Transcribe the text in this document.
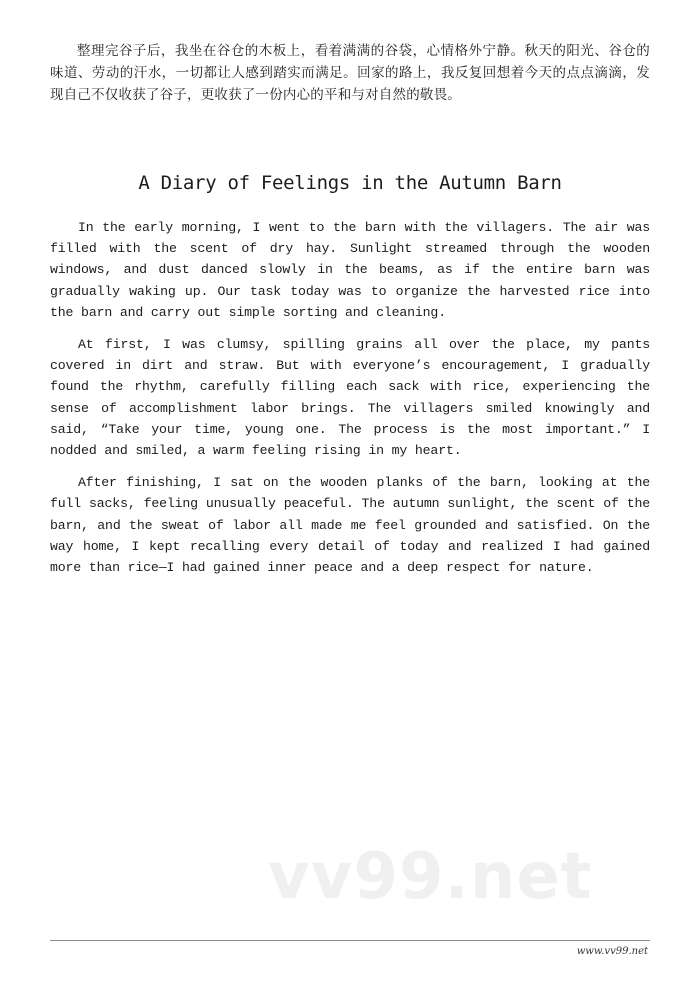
整理完谷子后，我坐在谷仓的木板上，看着满满的谷袋，心情格外宁静。秋天的阳光、谷仓的味道、劳动的汗水，一切都让人感到踏实而满足。回家的路上，我反复回想着今天的点点滴滴，发现自己不仅收获了谷子，更收获了一份内心的平和与对自然的敬畏。

A Diary of Feelings in the Autumn Barn

In the early morning, I went to the barn with the villagers. The air was filled with the scent of dry hay. Sunlight streamed through the wooden windows, and dust danced slowly in the beams, as if the entire barn was gradually waking up. Our task today was to organize the harvested rice into the barn and carry out simple sorting and cleaning.

At first, I was clumsy, spilling grains all over the place, my pants covered in dirt and straw. But with everyone’s encouragement, I gradually found the rhythm, carefully filling each sack with rice, experiencing the sense of accomplishment labor brings. The villagers smiled knowingly and said, “Take your time, young one. The process is the most important.” I nodded and smiled, a warm feeling rising in my heart.

After finishing, I sat on the wooden planks of the barn, looking at the full sacks, feeling unusually peaceful. The autumn sunlight, the scent of the barn, and the sweat of labor all made me feel grounded and satisfied. On the way home, I kept recalling every detail of today and realized I had gained more than rice—I had gained inner peace and a deep respect for nature.

vv99.net
www.vv99.net
